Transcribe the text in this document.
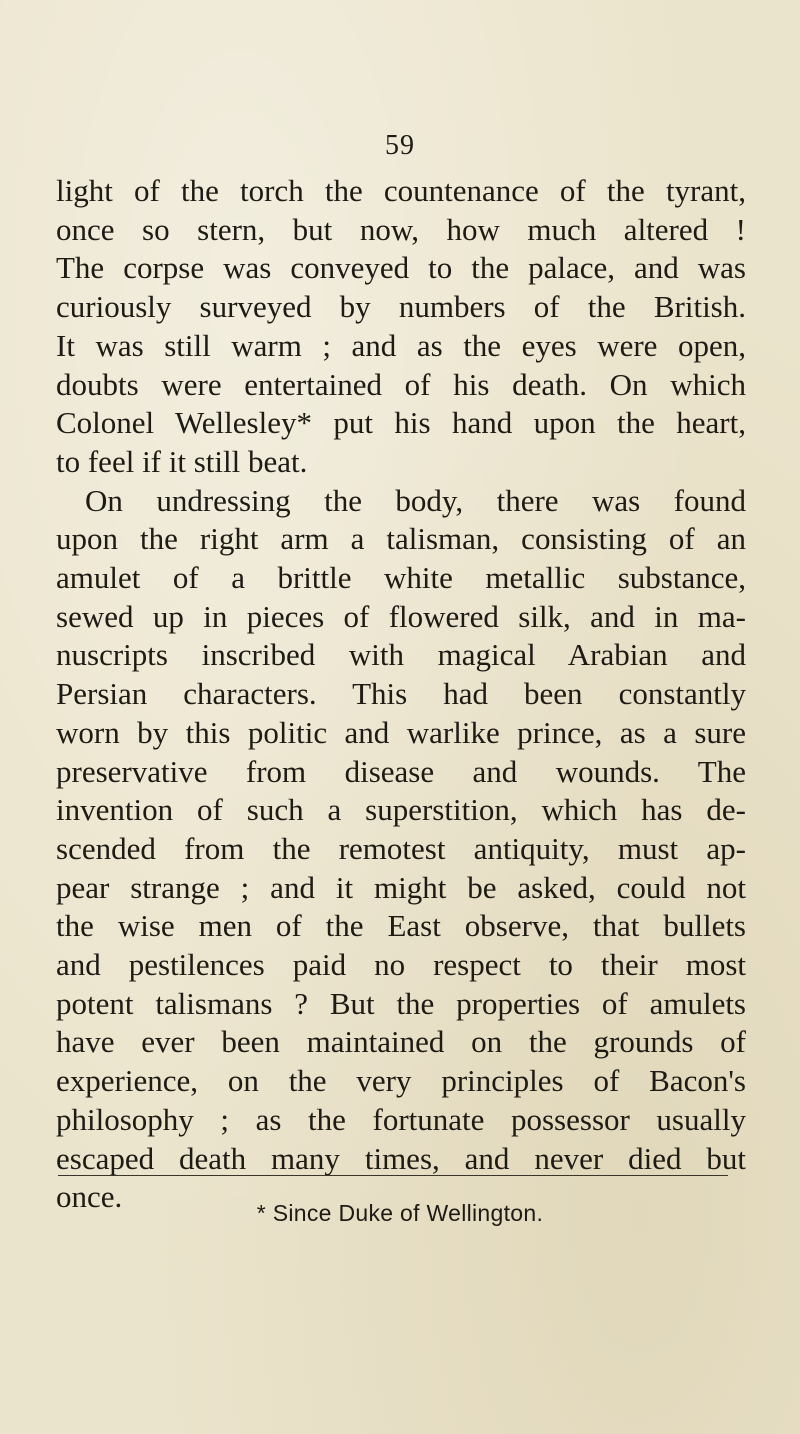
59
light of the torch the countenance of the tyrant,
once so stern, but now, how much altered !
The corpse was conveyed to the palace, and was
curiously surveyed by numbers of the British.
It was still warm ; and as the eyes were open,
doubts were entertained of his death. On which
Colonel Wellesley* put his hand upon the heart,
to feel if it still beat.
On undressing the body, there was found
upon the right arm a talisman, consisting of an
amulet of a brittle white metallic substance,
sewed up in pieces of flowered silk, and in ma-
nuscripts inscribed with magical Arabian and
Persian characters. This had been constantly
worn by this politic and warlike prince, as a sure
preservative from disease and wounds. The
invention of such a superstition, which has de-
scended from the remotest antiquity, must ap-
pear strange ; and it might be asked, could not
the wise men of the East observe, that bullets
and pestilences paid no respect to their most
potent talismans ? But the properties of amulets
have ever been maintained on the grounds of
experience, on the very principles of Bacon's
philosophy ; as the fortunate possessor usually
escaped death many times, and never died but
once.	* Since Duke of Wellington.
